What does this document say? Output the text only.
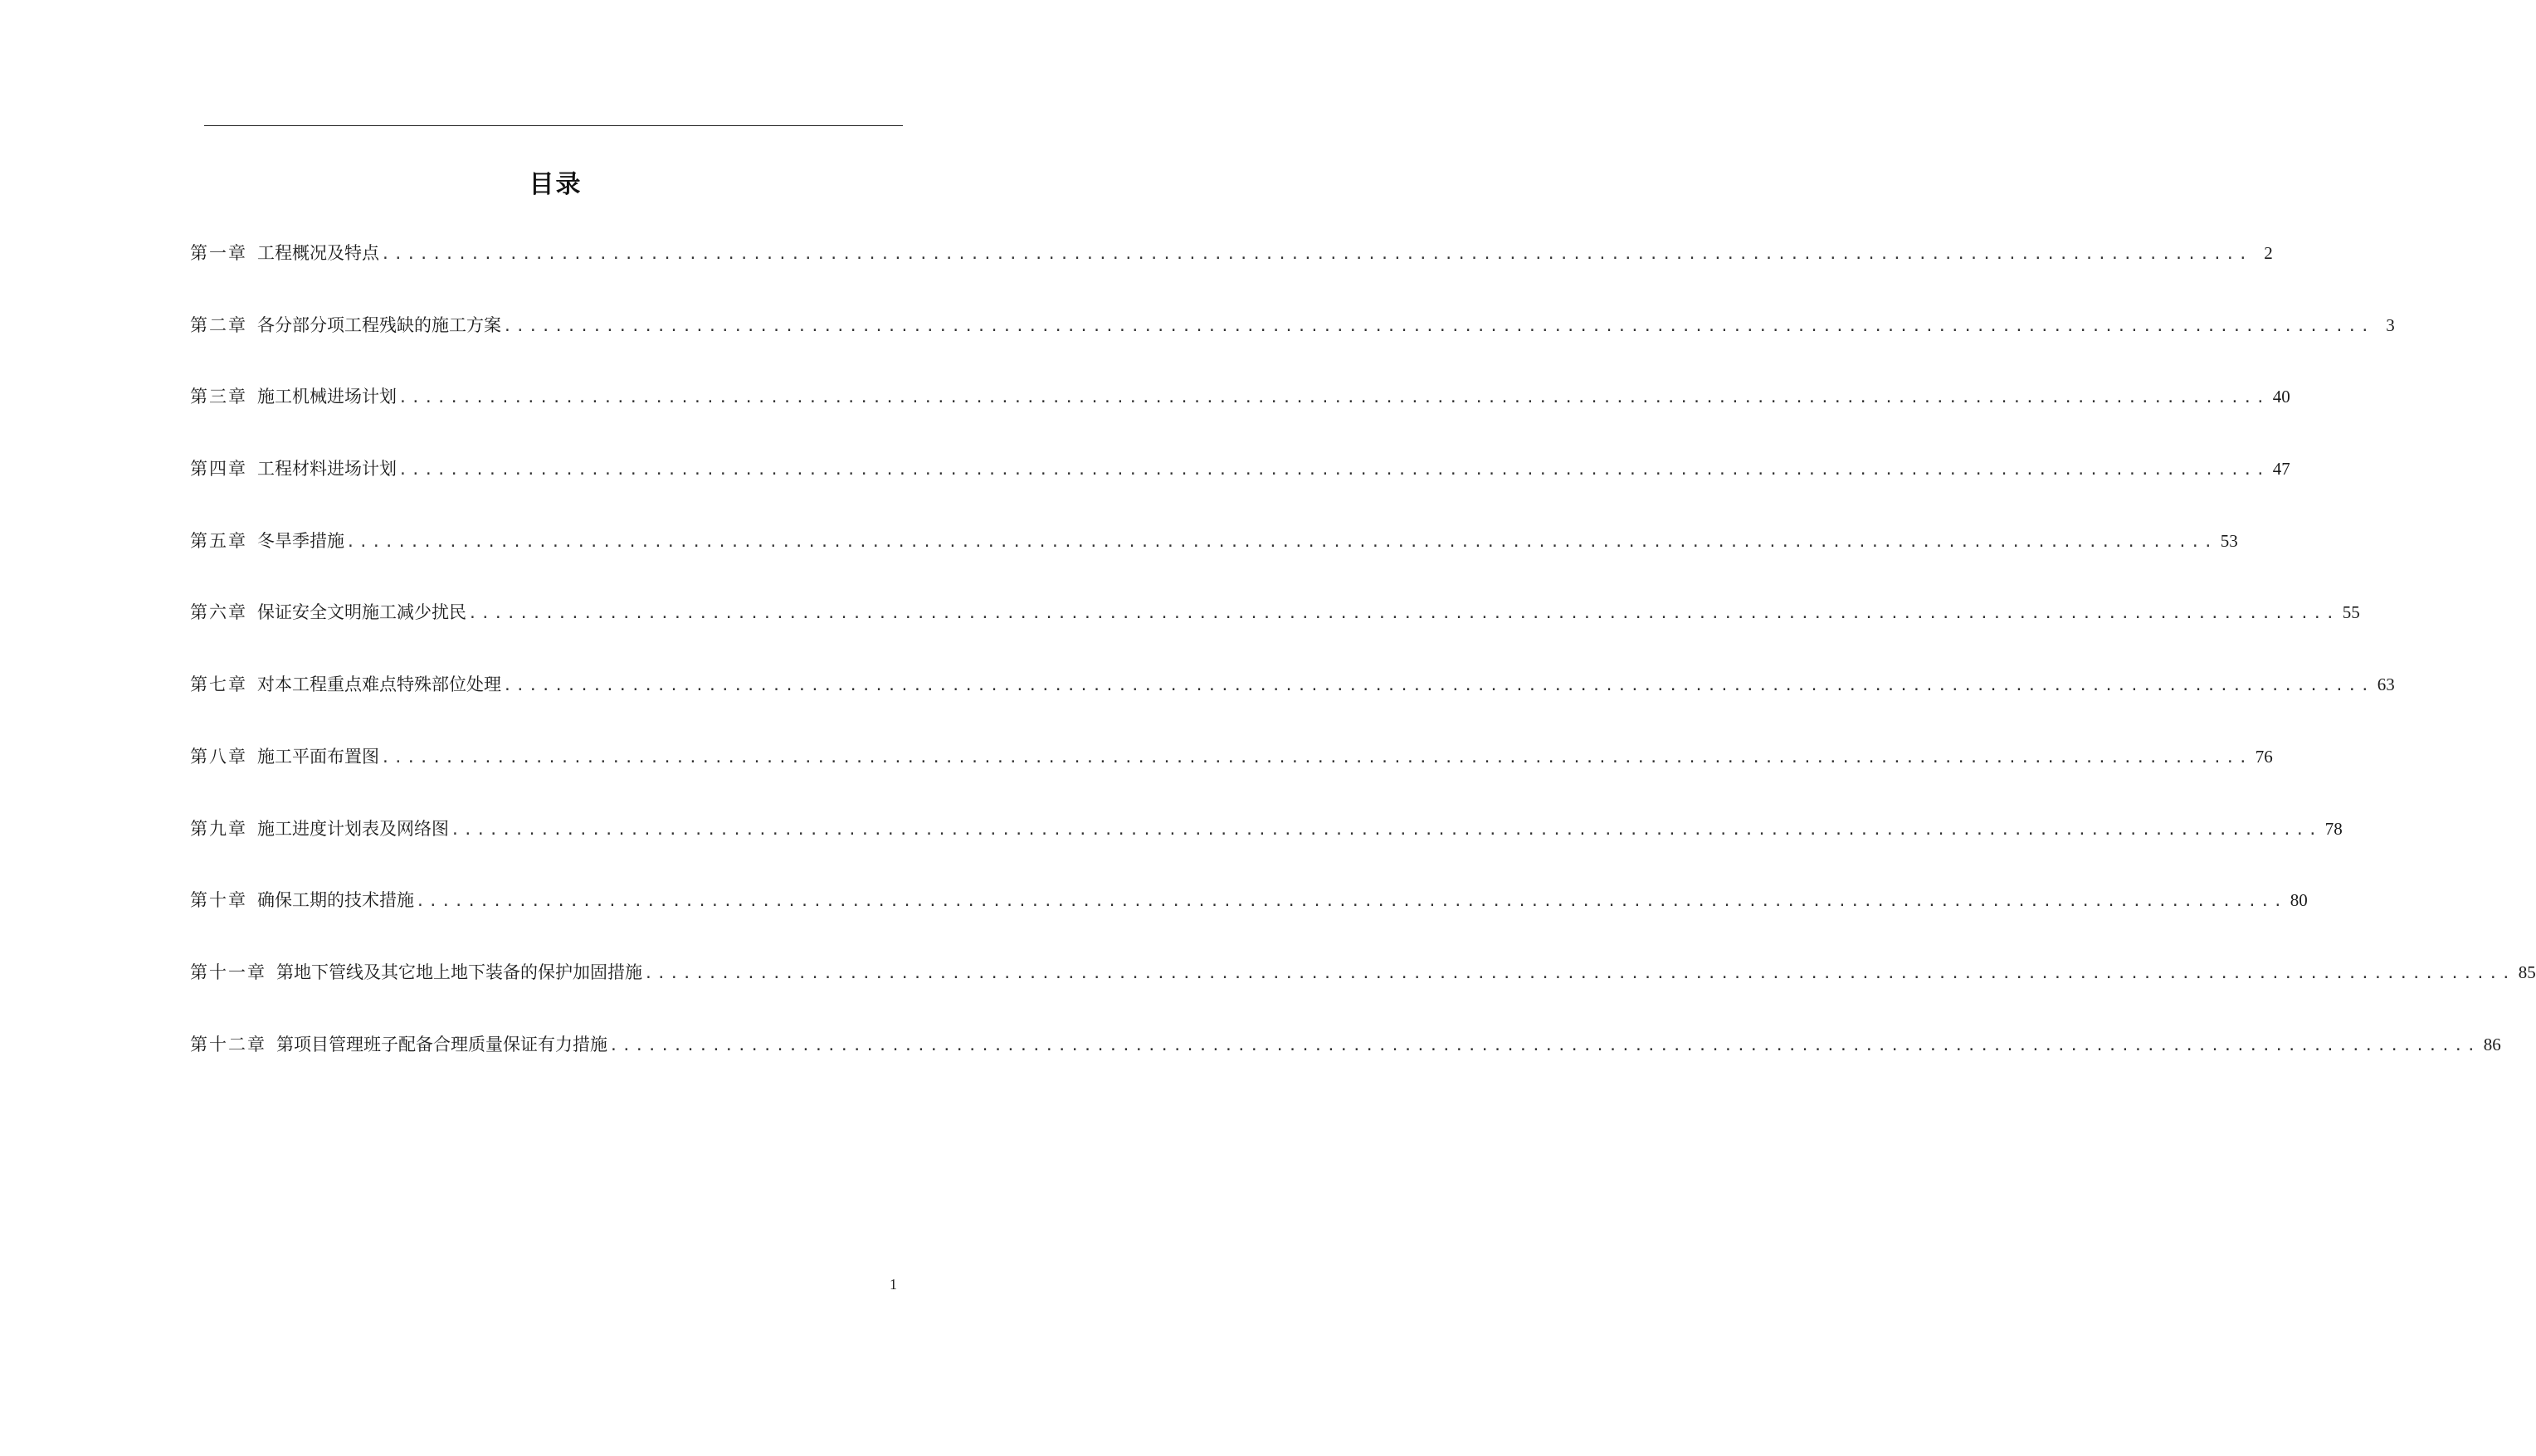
目录
第一章 工程概况及特点 .................................................................................................................................................. 2
第二章 各分部分项工程残缺的施工方案 .................................................................................................................................................. 3
第三章 施工机械进场计划 .................................................................................................................................................. 40
第四章 工程材料进场计划 .................................................................................................................................................. 47
第五章 冬旱季措施 .................................................................................................................................................. 53
第六章 保证安全文明施工减少扰民 .................................................................................................................................................. 55
第七章 对本工程重点难点特殊部位处理 .................................................................................................................................................. 63
第八章 施工平面布置图 .................................................................................................................................................. 76
第九章 施工进度计划表及网络图 .................................................................................................................................................. 78
第十章 确保工期的技术措施 .................................................................................................................................................. 80
第十一章 第地下管线及其它地上地下装备的保护加固措施 .................................................................................................................................................. 85
第十二章 第项目管理班子配备合理质量保证有力措施 .................................................................................................................................................. 86
1
